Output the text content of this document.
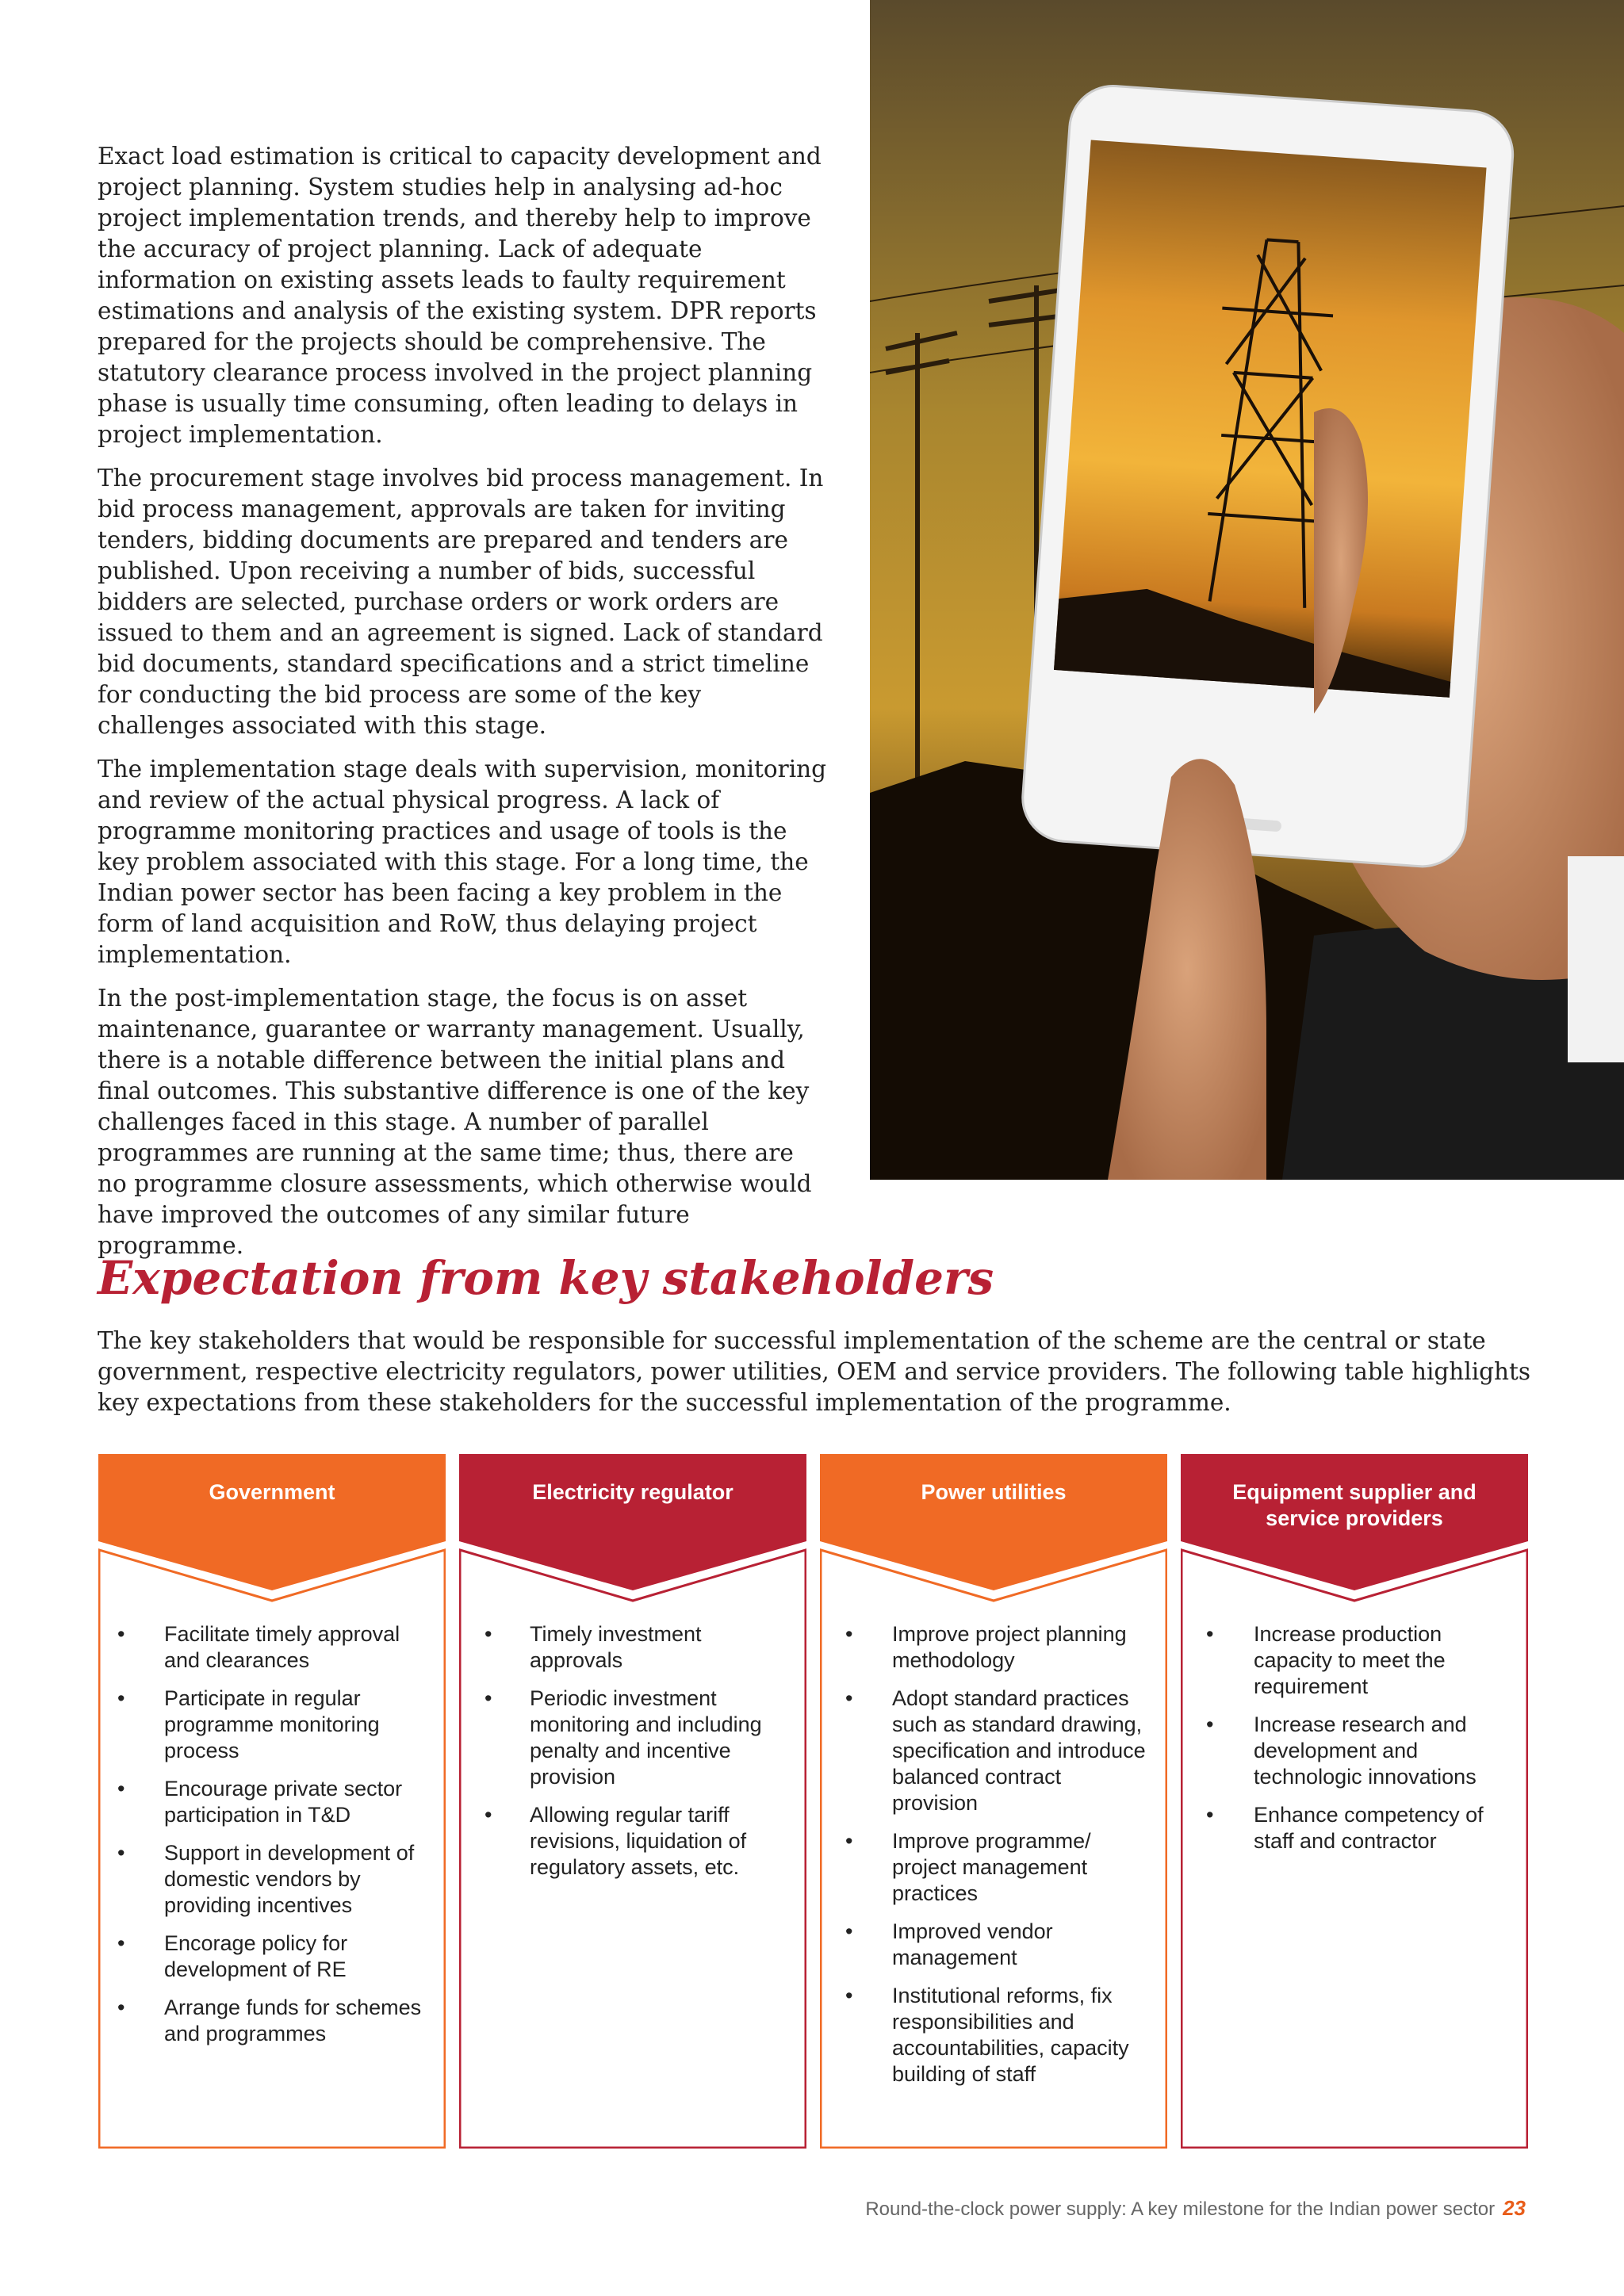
Exact load estimation is critical to capacity development and project planning. System studies help in analysing ad-hoc project implementation trends, and thereby help to improve the accuracy of project planning. Lack of adequate information on existing assets leads to faulty requirement estimations and analysis of the existing system. DPR reports prepared for the projects should be comprehensive. The statutory clearance process involved in the project planning phase is usually time consuming, often leading to delays in project implementation.

The procurement stage involves bid process management. In bid process management, approvals are taken for inviting tenders, bidding documents are prepared and tenders are published. Upon receiving a number of bids, successful bidders are selected, purchase orders or work orders are issued to them and an agreement is signed. Lack of standard bid documents, standard specifications and a strict timeline for conducting the bid process are some of the key challenges associated with this stage.

The implementation stage deals with supervision, monitoring and review of the actual physical progress. A lack of programme monitoring practices and usage of tools is the key problem associated with this stage. For a long time, the Indian power sector has been facing a key problem in the form of land acquisition and RoW, thus delaying project implementation.

In the post-implementation stage, the focus is on asset maintenance, guarantee or warranty management. Usually, there is a notable difference between the initial plans and final outcomes. This substantive difference is one of the key challenges faced in this stage. A number of parallel programmes are running at the same time; thus, there are no programme closure assessments, which otherwise would have improved the outcomes of any similar future programme.

Expectation from key stakeholders

The key stakeholders that would be responsible for successful implementation of the scheme are the central or state government, respective electricity regulators, power utilities, OEM and service providers. The following table highlights key expectations from these stakeholders for the successful implementation of the programme.

Government
• Facilitate timely approval and clearances
• Participate in regular programme monitoring process
• Encourage private sector participation in T&D
• Support in development of domestic vendors by providing incentives
• Encorage policy for development of RE
• Arrange funds for schemes and programmes
Electricity regulator
• Timely investment approvals
• Periodic investment monitoring and including penalty and incentive provision
• Allowing regular tariff revisions, liquidation of regulatory assets, etc.
Power utilities
• Improve project planning methodology
• Adopt standard practices such as standard drawing, specification and introduce balanced contract provision
• Improve programme/ project management practices
• Improved vendor management
• Institutional reforms, fix responsibilities and accountabilities, capacity building of staff
Equipment supplier and service providers
• Increase production capacity to meet the requirement
• Increase research and development and technologic innovations
• Enhance competency of staff and contractor
Round-the-clock power supply: A key milestone for the Indian power sector 23
